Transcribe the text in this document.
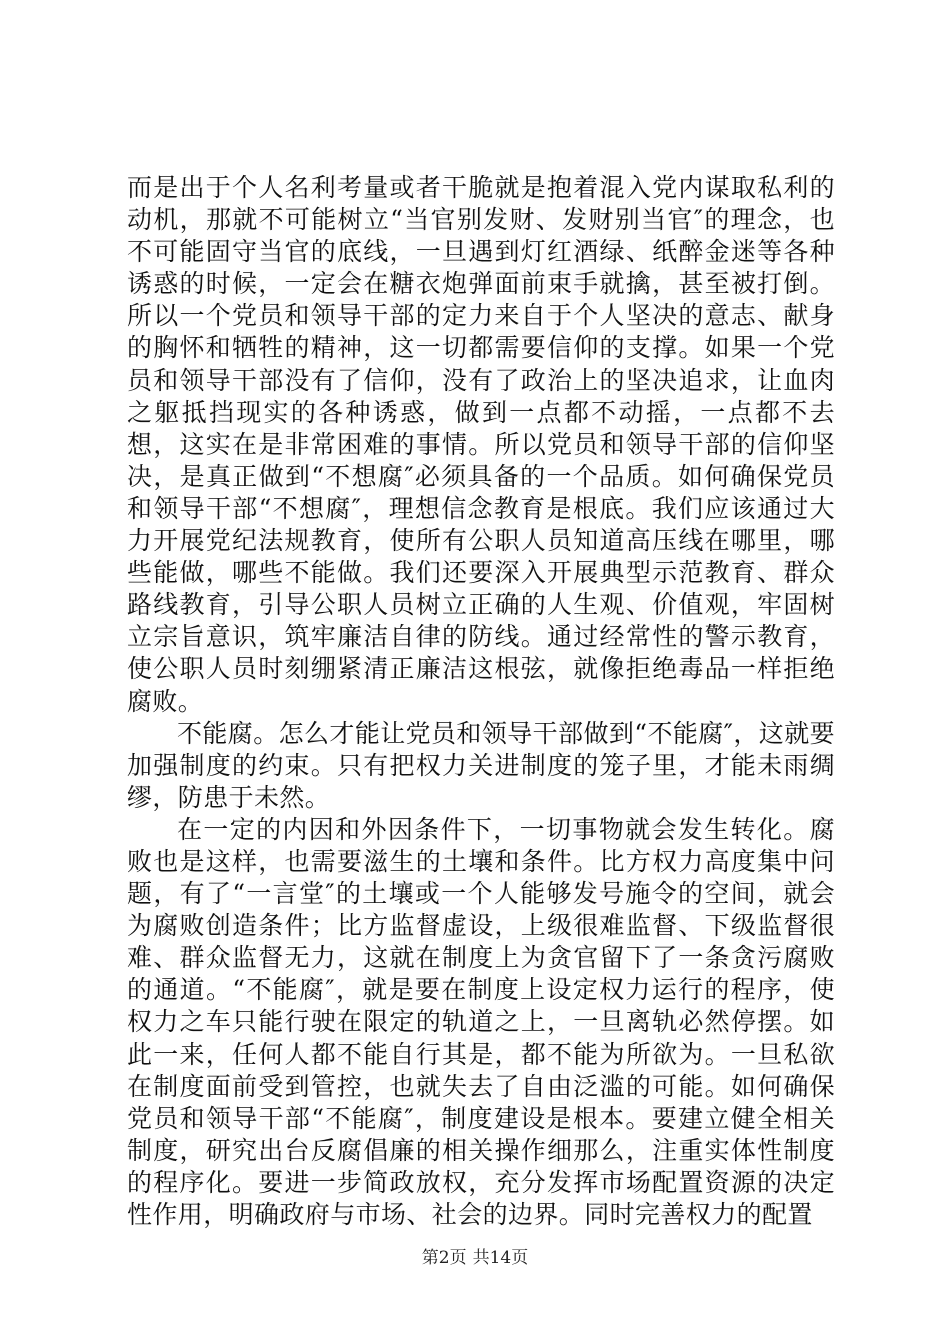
而是出于个人名利考量或者干脆就是抱着混入党内谋取私利的动机，那就不可能树立“当官别发财、发财别当官″的理念，也不可能固守当官的底线，一旦遇到灯红酒绿、纸醉金迷等各种诱惑的时候，一定会在糖衣炮弹面前束手就擒，甚至被打倒。所以一个党员和领导干部的定力来自于个人坚决的意志、献身的胸怀和牺牲的精神，这一切都需要信仰的支撑。如果一个党员和领导干部没有了信仰，没有了政治上的坚决追求，让血肉之躯抵挡现实的各种诱惑，做到一点都不动摇，一点都不去想，这实在是非常困难的事情。所以党员和领导干部的信仰坚决，是真正做到“不想腐″必须具备的一个品质。如何确保党员和领导干部“不想腐″，理想信念教育是根底。我们应该通过大力开展党纪法规教育，使所有公职人员知道高压线在哪里，哪些能做，哪些不能做。我们还要深入开展典型示范教育、群众路线教育，引导公职人员树立正确的人生观、价值观，牢固树立宗旨意识，筑牢廉洁自律的防线。通过经常性的警示教育，使公职人员时刻绷紧清正廉洁这根弦，就像拒绝毒品一样拒绝腐败。

不能腐。怎么才能让党员和领导干部做到“不能腐″，这就要加强制度的约束。只有把权力关进制度的笼子里，才能未雨绸缪，防患于未然。

在一定的内因和外因条件下，一切事物就会发生转化。腐败也是这样，也需要滋生的土壤和条件。比方权力高度集中问题，有了“一言堂″的土壤或一个人能够发号施令的空间，就会为腐败创造条件；比方监督虚设，上级很难监督、下级监督很难、群众监督无力，这就在制度上为贪官留下了一条贪污腐败的通道。“不能腐″，就是要在制度上设定权力运行的程序，使权力之车只能行驶在限定的轨道之上，一旦离轨必然停摆。如此一来，任何人都不能自行其是，都不能为所欲为。一旦私欲在制度面前受到管控，也就失去了自由泛滥的可能。如何确保党员和领导干部“不能腐″，制度建设是根本。要建立健全相关制度，研究出台反腐倡廉的相关操作细那么，注重实体性制度的程序化。要进一步简政放权，充分发挥市场配置资源的决定性作用，明确政府与市场、社会的边界。同时完善权力的配置

第2页 共14页
